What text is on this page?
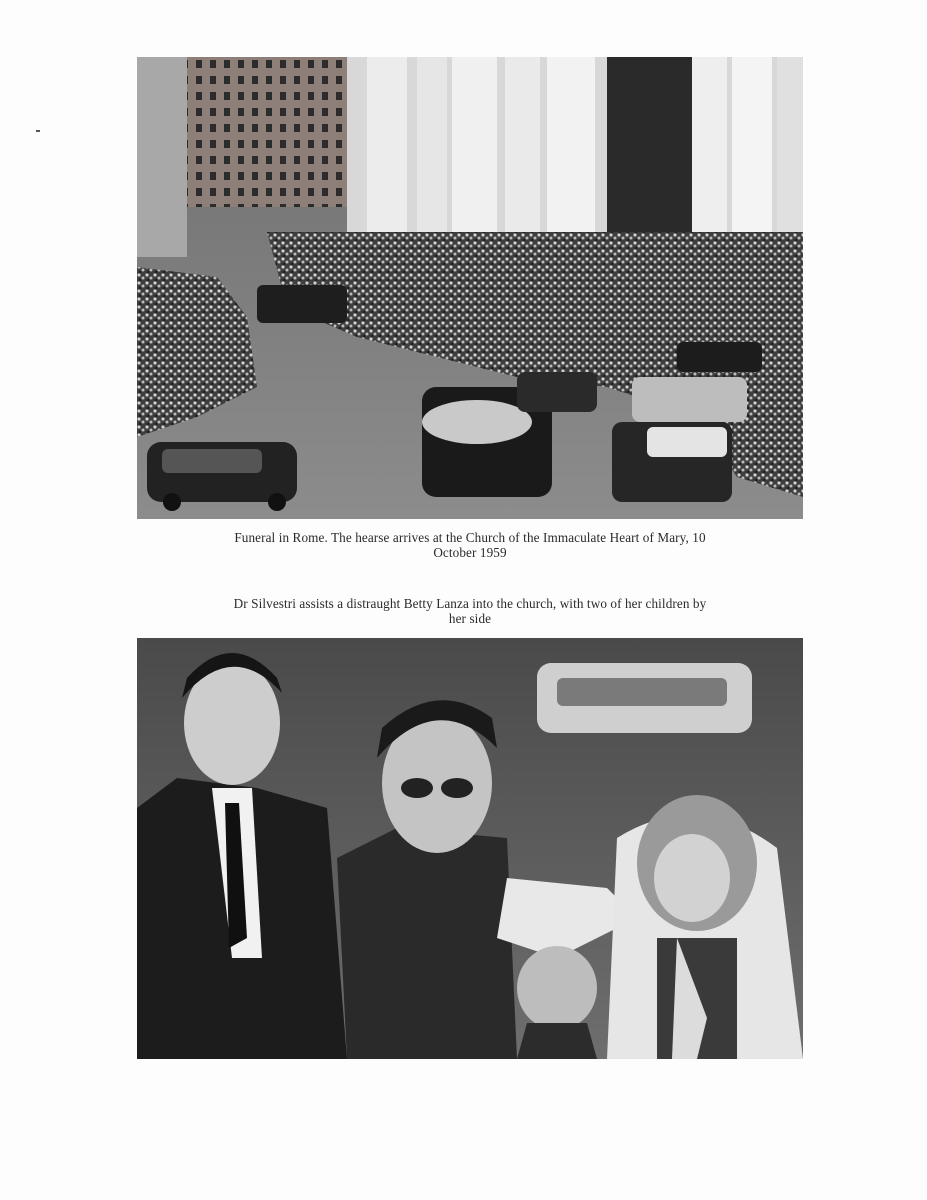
Funeral in Rome. The hearse arrives at the Church of the Immaculate Heart of Mary, 10 October 1959
Dr Silvestri assists a distraught Betty Lanza into the church, with two of her children by her side
